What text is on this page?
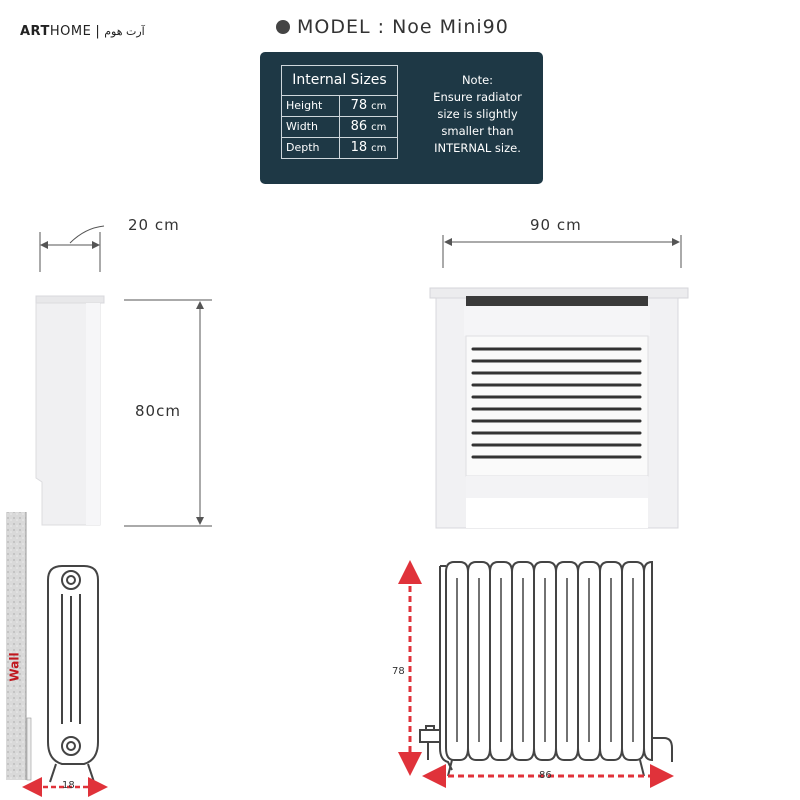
ARTHOME | آرت هوم	MODEL
:
Noe Mini90
Internal Sizes
Height	78 cm
Width	86 cm
Depth	18 cm
Note:
Ensure radiator
size is slightly
smaller than
INTERNAL size.
Wall
20 cm
80cm
90 cm
18
78
86
